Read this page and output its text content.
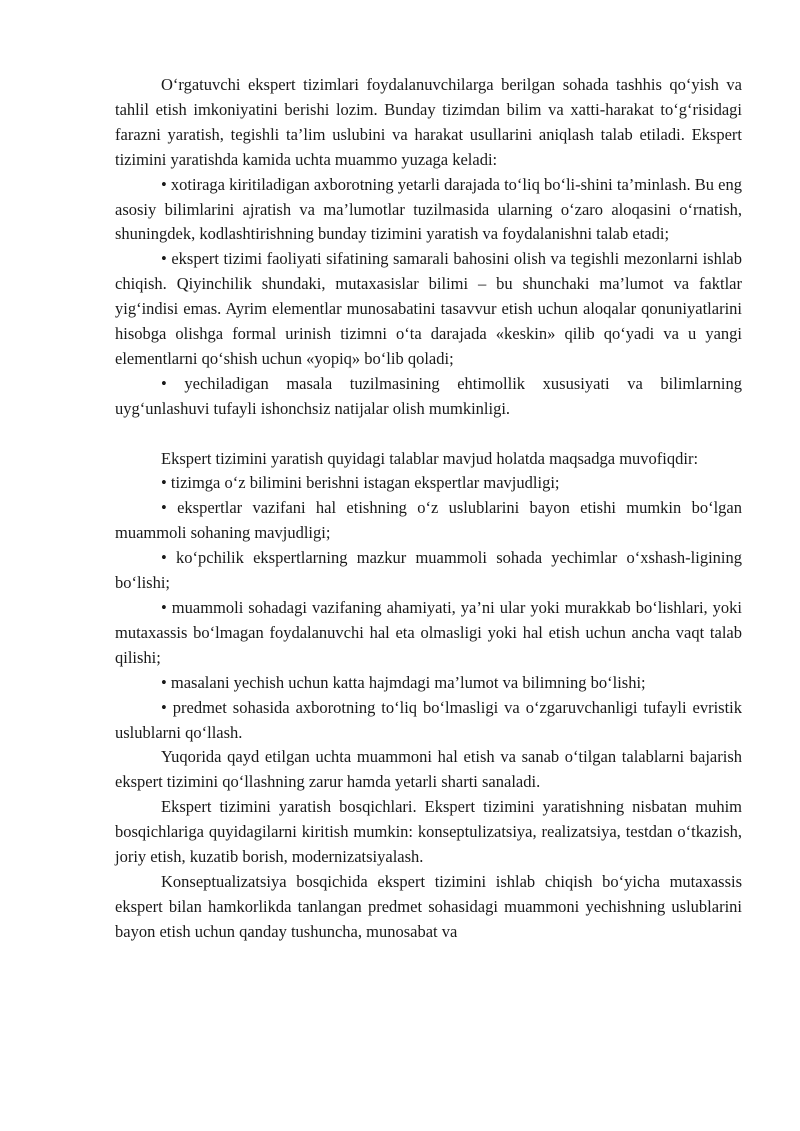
O‘rgatuvchi ekspert tizimlari foydalanuvchilarga berilgan sohada tashhis qo‘yish va tahlil etish imkoniyatini berishi lozim. Bunday tizimdan bilim va xatti-harakat to‘g‘risidagi farazni yaratish, tegishli ta’lim uslubini va harakat usullarini aniqlash talab etiladi. Ekspert tizimini yaratishda kamida uchta muammo yuzaga keladi:

• xotiraga kiritiladigan axborotning yetarli darajada to‘liq bo‘li-shini ta’minlash. Bu eng asosiy bilimlarini ajratish va ma’lumotlar tuzilmasida ularning o‘zaro aloqasini o‘rnatish, shuningdek, kodlashtirishning bunday tizimini yaratish va foydalanishni talab etadi;

• ekspert tizimi faoliyati sifatining samarali bahosini olish va tegishli mezonlarni ishlab chiqish. Qiyinchilik shundaki, mutaxasislar bilimi – bu shunchaki ma’lumot va faktlar yig‘indisi emas. Ayrim elementlar munosabatini tasavvur etish uchun aloqalar qonuniyatlarini hisobga olishga formal urinish tizimni o‘ta darajada «keskin» qilib qo‘yadi va u yangi elementlarni qo‘shish uchun «yopiq» bo‘lib qoladi;

• yechiladigan masala tuzilmasining ehtimollik xususiyati va bilimlarning uyg‘unlashuvi tufayli ishonchsiz natijalar olish mumkinligi.

Ekspert tizimini yaratish quyidagi talablar mavjud holatda maqsadga muvofiqdir:

• tizimga o‘z bilimini berishni istagan ekspertlar mavjudligi;

• ekspertlar vazifani hal etishning o‘z uslublarini bayon etishi mumkin bo‘lgan muammoli sohaning mavjudligi;

• ko‘pchilik ekspertlarning mazkur muammoli sohada yechimlar o‘xshash-ligining bo‘lishi;

• muammoli sohadagi vazifaning ahamiyati, ya’ni ular yoki murakkab bo‘lishlari, yoki mutaxassis bo‘lmagan foydalanuvchi hal eta olmasligi yoki hal etish uchun ancha vaqt talab qilishi;

• masalani yechish uchun katta hajmdagi ma’lumot va bilimning bo‘lishi;

• predmet sohasida axborotning to‘liq bo‘lmasligi va o‘zgaruvchanligi tufayli evristik uslublarni qo‘llash.

Yuqorida qayd etilgan uchta muammoni hal etish va sanab o‘tilgan talablarni bajarish ekspert tizimini qo‘llashning zarur hamda yetarli sharti sanaladi.

Ekspert tizimini yaratish bosqichlari. Ekspert tizimini yaratishning nisbatan muhim bosqichlariga quyidagilarni kiritish mumkin: konseptulizatsiya, realizatsiya, testdan o‘tkazish, joriy etish, kuzatib borish, modernizatsiyalash.

Konseptualizatsiya bosqichida ekspert tizimini ishlab chiqish bo‘yicha mutaxassis ekspert bilan hamkorlikda tanlangan predmet sohasidagi muammoni yechishning uslublarini bayon etish uchun qanday tushuncha, munosabat va
